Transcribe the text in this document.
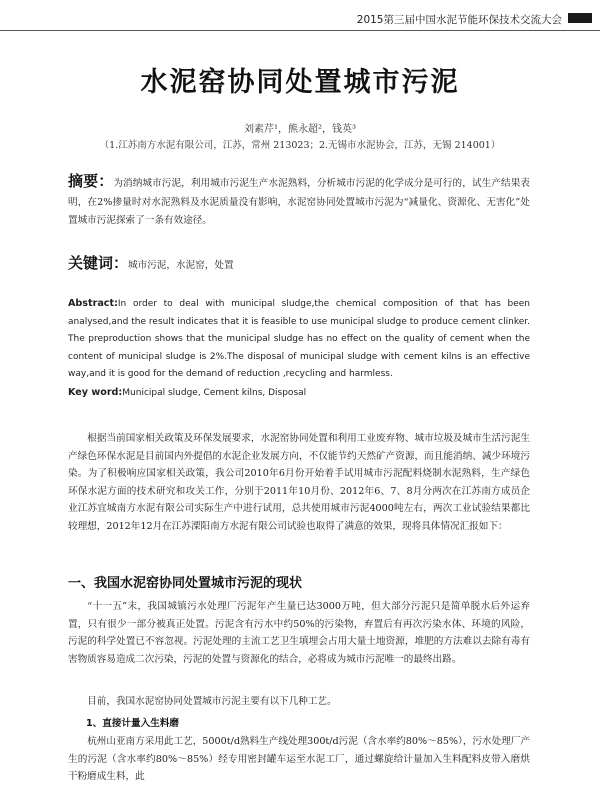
2015第三届中国水泥节能环保技术交流大会
水泥窑协同处置城市污泥
刘素芹¹，熊永超²，钱英³
（1.江苏南方水泥有限公司，江苏，常州 213023；2.无锡市水泥协会，江苏，无锡 214001）
摘要：为消纳城市污泥，利用城市污泥生产水泥熟料，分析城市污泥的化学成分是可行的，试生产结果表明，在2%掺量时对水泥熟料及水泥质量没有影响，水泥窑协同处置城市污泥为“减量化、资源化、无害化”处置城市污泥探索了一条有效途径。
关键词：城市污泥，水泥窑，处置
Abstract:In order to deal with municipal sludge,the chemical composition of that has been analysed,and the result indicates that it is feasible to use municipal sludge to produce cement clinker. The preproduction shows that the municipal sludge has no effect on the quality of cement when the content of municipal sludge is 2%.The disposal of municipal sludge with cement kilns is an effective way,and it is good for the demand of reduction ,recycling and harmless.
Key word:Municipal sludge, Cement kilns, Disposal
根据当前国家相关政策及环保发展要求，水泥窑协同处置和利用工业废弃物、城市垃圾及城市生活污泥生产绿色环保水泥是目前国内外提倡的水泥企业发展方向，不仅能节约天然矿产资源，而且能消纳、减少环境污染。为了积极响应国家相关政策，我公司2010年6月份开始着手试用城市污泥配料烧制水泥熟料，生产绿色环保水泥方面的技术研究和攻关工作，分别于2011年10月份、2012年6、7、8月分两次在江苏南方成员企业江苏宜城南方水泥有限公司实际生产中进行试用，总共使用城市污泥4000吨左右，两次工业试验结果都比较理想，2012年12月在江苏溧阳南方水泥有限公司试验也取得了满意的效果，现将具体情况汇报如下：
一、我国水泥窑协同处置城市污泥的现状
“十一五”末，我国城镇污水处理厂污泥年产生量已达3000万吨，但大部分污泥只是简单脱水后外运弃置，只有很少一部分被真正处置。污泥含有污水中约50%的污染物，弃置后有再次污染水体、环境的风险，污泥的科学处置已不容忽视。污泥处理的主流工艺卫生填埋会占用大量土地资源，堆肥的方法难以去除有毒有害物质容易造成二次污染，污泥的处置与资源化的结合，必将成为城市污泥唯一的最终出路。
目前，我国水泥窑协同处置城市污泥主要有以下几种工艺。
1、直接计量入生料磨
杭州山亚南方采用此工艺，5000t/d熟料生产线处理300t/d污泥（含水率约80%～85%），污水处理厂产生的污泥（含水率约80%～85%）经专用密封罐车运至水泥工厂，通过螺旋给计量加入生料配料皮带入磨烘干粉磨成生料，此
